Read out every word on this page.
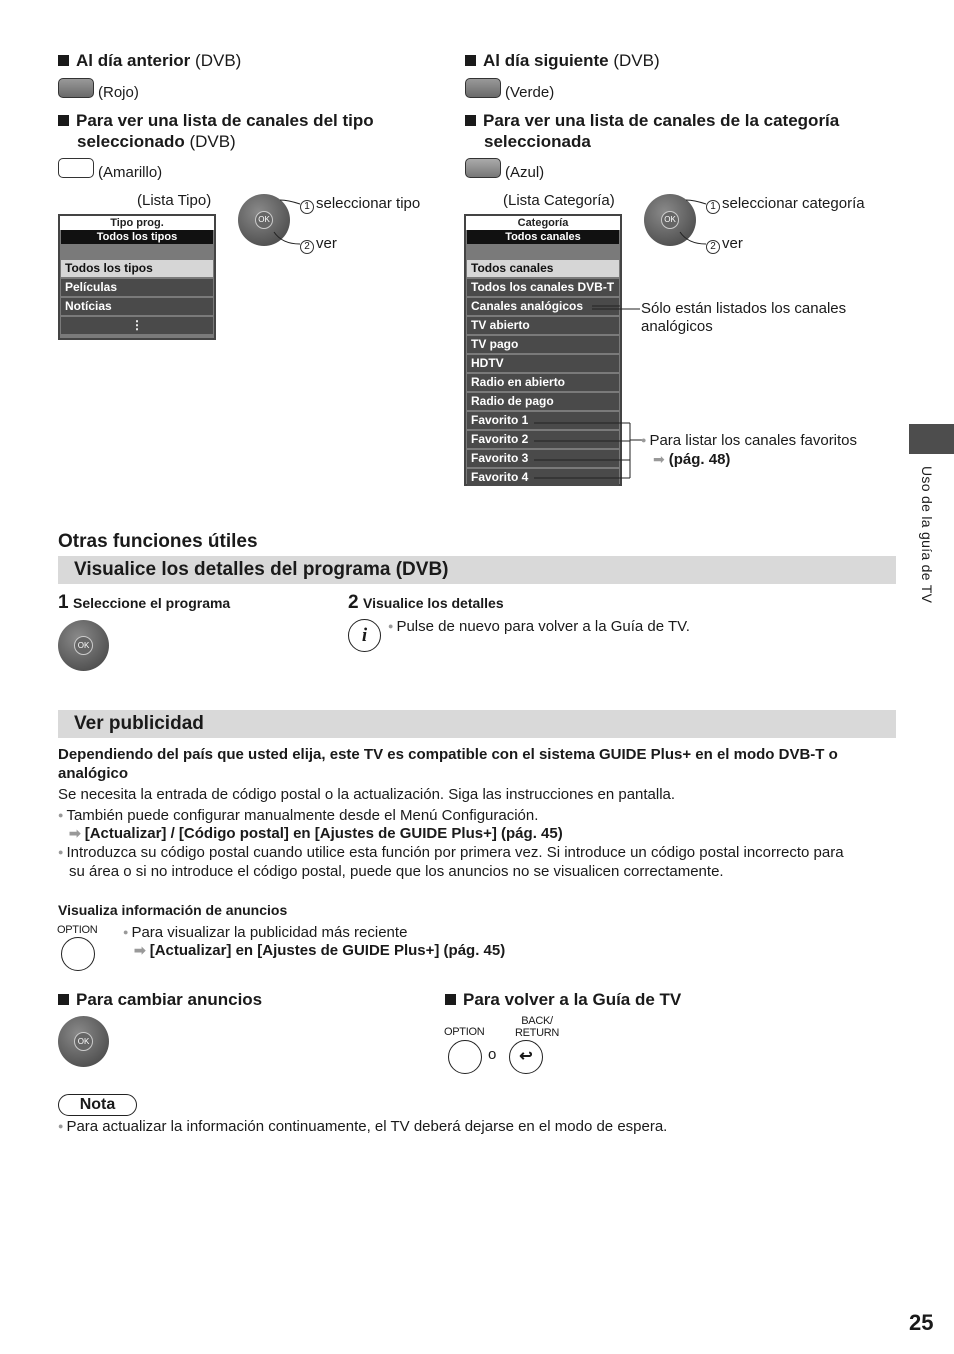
Al día anterior (DVB)
(Rojo)
Para ver una lista de canales del tipo
seleccionado (DVB)
(Amarillo)
(Lista Tipo)
Tipo prog.
Todos los tipos
Todos los tipos
Películas
Notícias
⋮
OK
1 seleccionar tipo
2 ver
Al día siguiente (DVB)
(Verde)
Para ver una lista de canales de la categoría
seleccionada
(Azul)
(Lista Categoría)
Categoría
Todos canales
Todos canales
Todos los canales DVB-T
Canales analógicos
TV abierto
TV pago
HDTV
Radio en abierto
Radio de pago
Favorito 1
Favorito 2
Favorito 3
Favorito 4
OK
1 seleccionar categoría
2 ver
Sólo están listados los canales
analógicos
● Para listar los canales favoritos
➡ (pág. 48)
Uso de la guía de TV
Otras funciones útiles
Visualice los detalles del programa (DVB)
1 Seleccione el programa
OK
2 Visualice los detalles
i	● Pulse de nuevo para volver a la Guía de TV.
Ver publicidad
Dependiendo del país que usted elija, este TV es compatible con el sistema GUIDE Plus+ en el modo DVB-T o
analógico
Se necesita la entrada de código postal o la actualización. Siga las instrucciones en pantalla.
● También puede configurar manualmente desde el Menú Configuración.
➡ [Actualizar] / [Código postal] en [Ajustes de GUIDE Plus+] (pág. 45)
● Introduzca su código postal cuando utilice esta función por primera vez. Si introduce un código postal incorrecto para
su área o si no introduce el código postal, puede que los anuncios no se visualicen correctamente.
Visualiza información de anuncios
OPTION	● Para visualizar la publicidad más reciente
➡ [Actualizar] en [Ajustes de GUIDE Plus+] (pág. 45)
Para cambiar anuncios
OK
Para volver a la Guía de TV
OPTION
o
BACK/
RETURN
↩
Nota
● Para actualizar la información continuamente, el TV deberá dejarse en el modo de espera.
25
